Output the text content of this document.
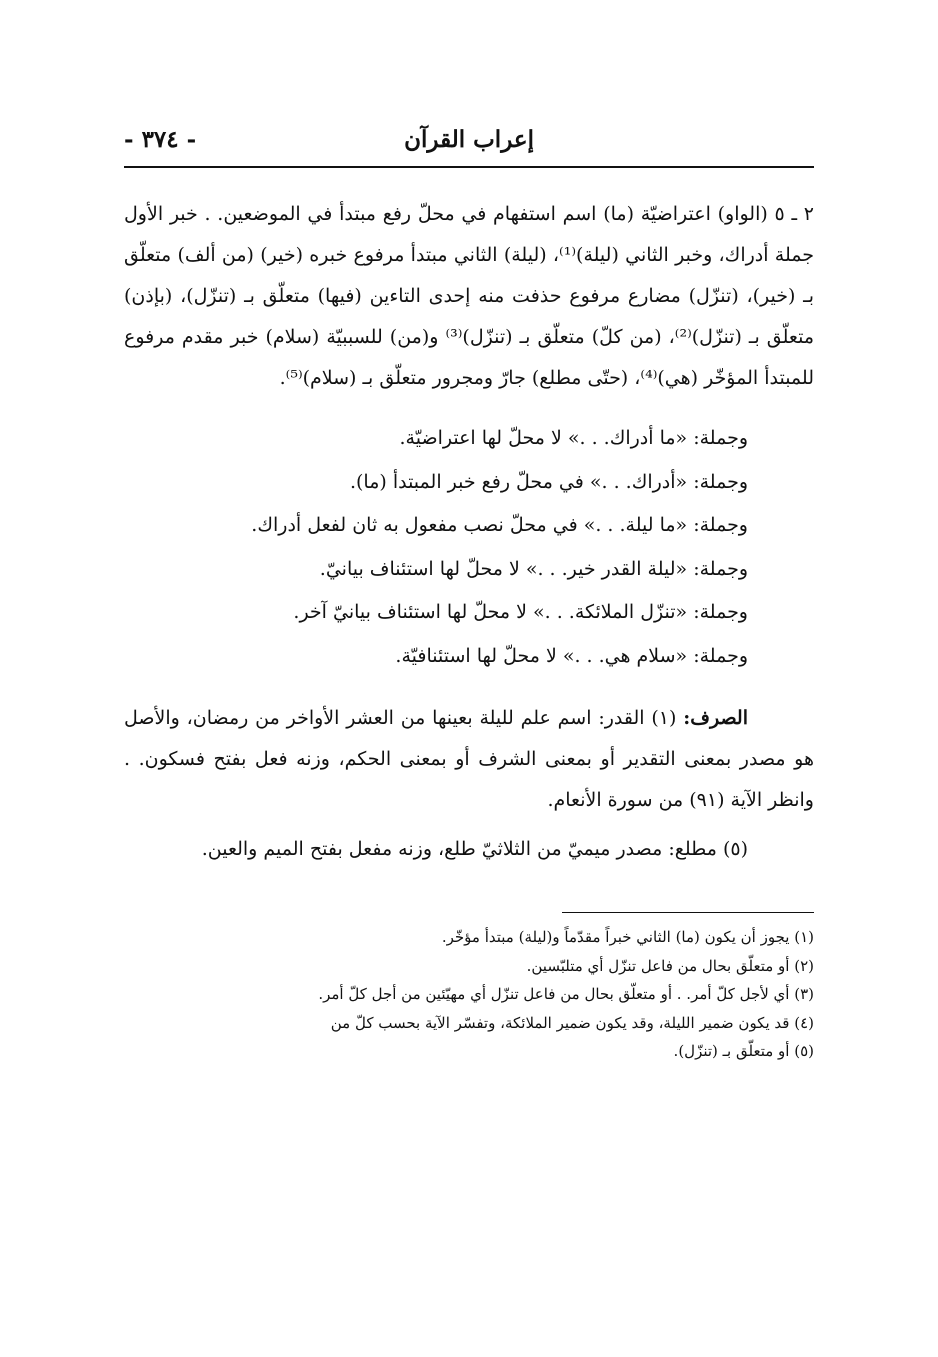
إعراب القرآن
- ٣٧٤ -

٢ ـ ٥ (الواو) اعتراضيّة (ما) اسم استفهام في محلّ رفع مبتدأ في الموضعين. . خبر الأول جملة أدراك، وخبر الثاني (ليلة)⁽¹⁾، (ليلة) الثاني مبتدأ مرفوع خبره (خير) (من ألف) متعلّق بـ (خير)، (تنزّل) مضارع مرفوع حذفت منه إحدى التاءين (فيها) متعلّق بـ (تنزّل)، (بإذن) متعلّق بـ (تنزّل)⁽²⁾، (من كلّ) متعلّق بـ (تنزّل)⁽³⁾ و(من) للسببيّة (سلام) خبر مقدم مرفوع للمبتدأ المؤخّر (هي)⁽⁴⁾، (حتّى مطلع) جارّ ومجرور متعلّق بـ (سلام)⁽⁵⁾.

وجملة: «ما أدراك. . .» لا محلّ لها اعتراضيّة.
وجملة: «أدراك. . .» في محلّ رفع خبر المبتدأ (ما).
وجملة: «ما ليلة. . .» في محلّ نصب مفعول به ثان لفعل أدراك.
وجملة: «ليلة القدر خير. . .» لا محلّ لها استئناف بيانيّ.
وجملة: «تنزّل الملائكة. . .» لا محلّ لها استئناف بيانيّ آخر.
وجملة: «سلام هي. . .» لا محلّ لها استئنافيّة.

الصرف: (١) القدر: اسم علم لليلة بعينها من العشر الأواخر من رمضان، والأصل هو مصدر بمعنى التقدير أو بمعنى الشرف أو بمعنى الحكم، وزنه فعل بفتح فسكون. . وانظر الآية (٩١) من سورة الأنعام.

(٥) مطلع: مصدر ميميّ من الثلاثيّ طلع، وزنه مفعل بفتح الميم والعين.

(١) يجوز أن يكون (ما) الثاني خبراً مقدّماً و(ليلة) مبتدأ مؤخّر.
(٢) أو متعلّق بحال من فاعل تنزّل أي متلبّسين.
(٣) أي لأجل كلّ أمر. . أو متعلّق بحال من فاعل تنزّل أي مهيّئين من أجل كلّ أمر.
(٤) قد يكون ضمير الليلة، وقد يكون ضمير الملائكة، وتفسّر الآية بحسب كلّ من
(٥) أو متعلّق بـ (تنزّل).
